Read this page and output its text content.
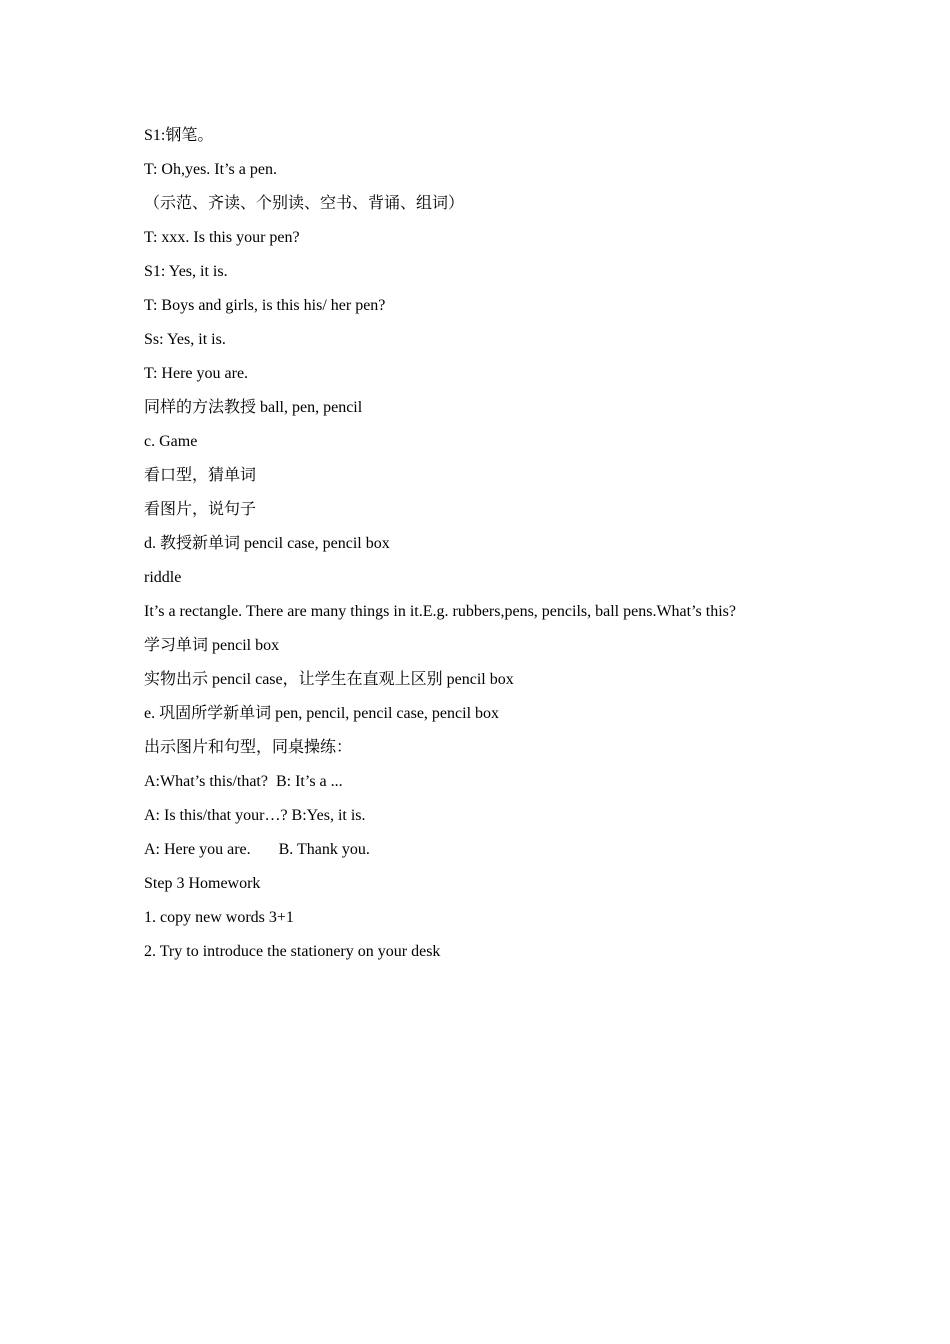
S1:钢笔。
T: Oh,yes. It’s a pen.
（示范、齐读、个别读、空书、背诵、组词）
T: xxx. Is this your pen?
S1: Yes, it is.
T: Boys and girls, is this his/ her pen?
Ss: Yes, it is.
T: Here you are.
同样的方法教授 ball, pen, pencil
c. Game
看口型，猜单词
看图片，说句子
d. 教授新单词 pencil case, pencil box
riddle
It’s a rectangle. There are many things in it.E.g. rubbers,pens, pencils, ball pens.What’s this?
学习单词 pencil box
实物出示 pencil case，让学生在直观上区别 pencil box
e. 巩固所学新单词 pen, pencil, pencil case, pencil box
出示图片和句型，同桌操练：
A:What’s this/that?  B: It’s a ...
A: Is this/that your…? B:Yes, it is.
A: Here you are.       B. Thank you.
Step 3 Homework
1. copy new words 3+1
2. Try to introduce the stationery on your desk
